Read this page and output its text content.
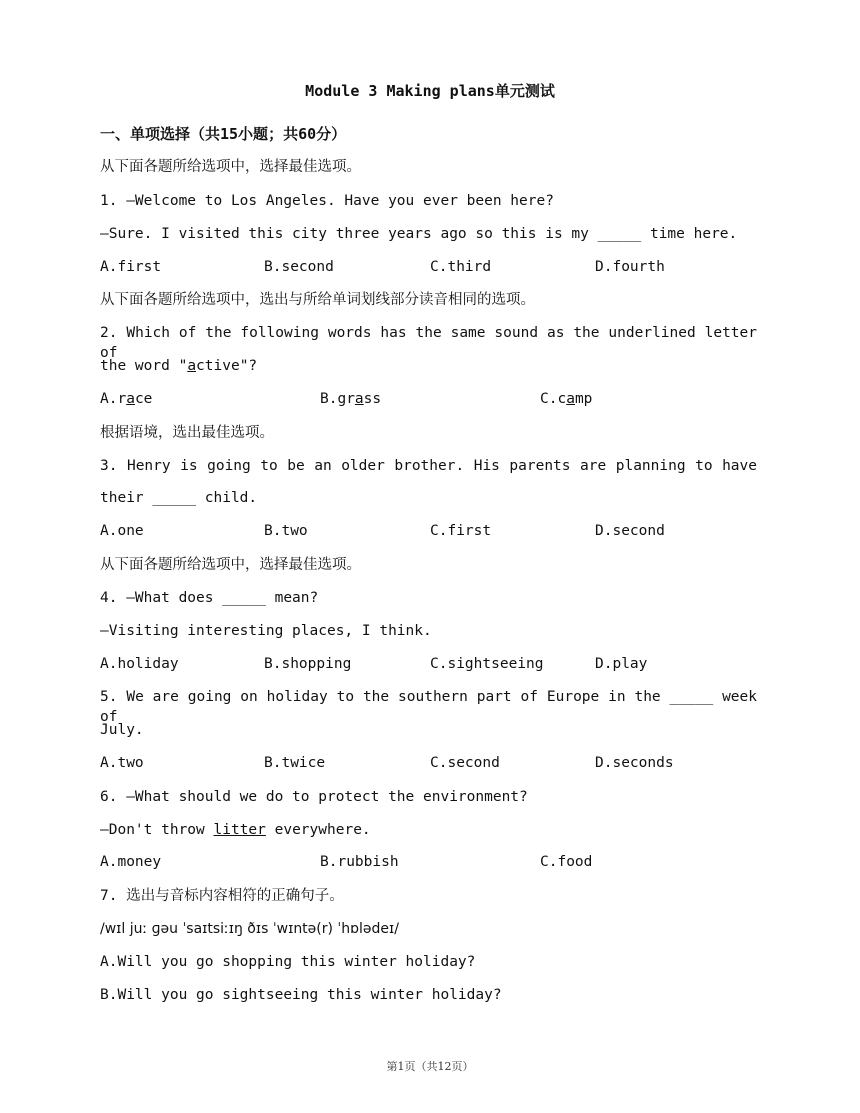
Module 3 Making plans单元测试
一、单项选择（共15小题；共60分）
从下面各题所给选项中，选择最佳选项。
1. —Welcome to Los Angeles. Have you ever been here?
—Sure. I visited this city three years ago so this is my _____ time here.
A.first	B.second	C.third	D.fourth
从下面各题所给选项中，选出与所给单词划线部分读音相同的选项。
2. Which of the following words has the same sound as the underlined letter of
the word "active"?
A.race	B.grass	C.camp
根据语境，选出最佳选项。
3. Henry is going to be an older brother. His parents are planning to have
their _____ child.
A.one	B.two	C.first	D.second
从下面各题所给选项中，选择最佳选项。
4. —What does _____ mean?
—Visiting interesting places, I think.
A.holiday	B.shopping	C.sightseeing	D.play
5. We are going on holiday to the southern part of Europe in the _____ week of
July.
A.two	B.twice	C.second	D.seconds
6. —What should we do to protect the environment?
—Don't throw litter everywhere.
A.money	B.rubbish	C.food
7. 选出与音标内容相符的正确句子。
/wɪl juː ɡəu ˈsaɪtsiːɪŋ ðɪs ˈwɪntə(r) ˈhɒlədeɪ/
A.Will you go shopping this winter holiday?
B.Will you go sightseeing this winter holiday?
第1页（共12页）
